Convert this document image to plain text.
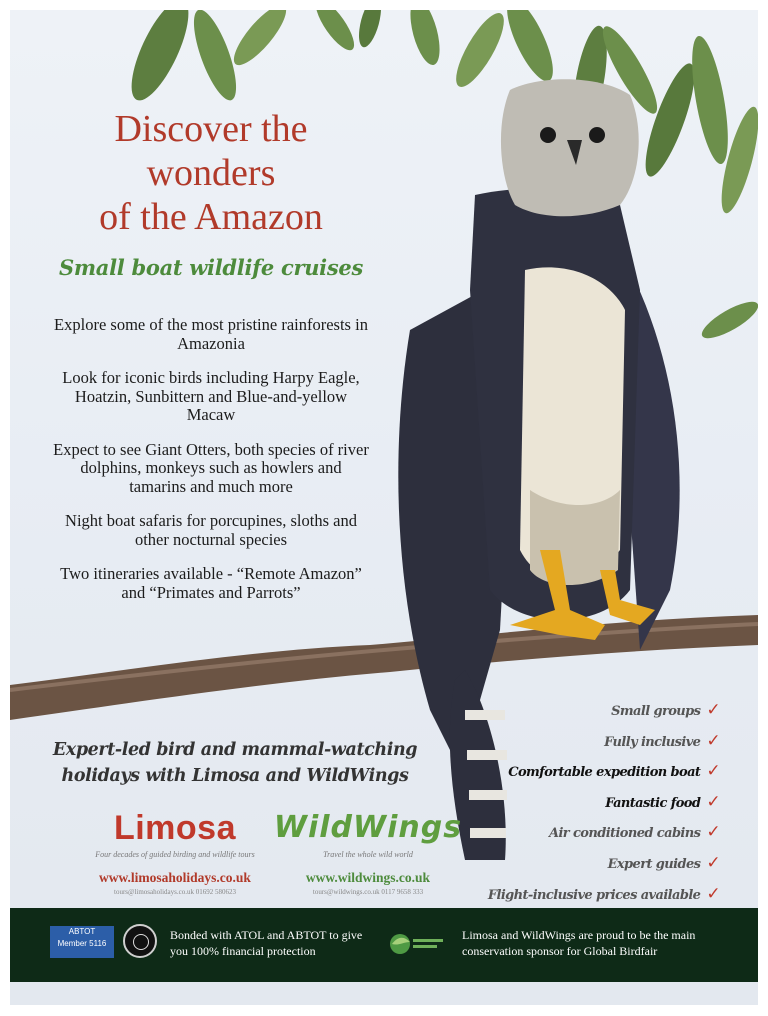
Discover the
wonders
of the Amazon
Small boat wildlife cruises

Explore some of the most pristine rainforests in Amazonia

Look for iconic birds including Harpy Eagle, Hoatzin, Sunbittern and Blue-and-yellow Macaw

Expect to see Giant Otters, both species of river dolphins, monkeys such as howlers and tamarins and much more

Night boat safaris for porcupines, sloths and other nocturnal species

Two itineraries available - “Remote Amazon” and “Primates and Parrots”

Expert-led bird and mammal-watching holidays with Limosa and WildWings
Limosa
Four decades of guided birding and wildlife tours
www.limosaholidays.co.uk
tours@limosaholidays.co.uk 01692 580623
WildWings
Travel the whole wild world
www.wildwings.co.uk
tours@wildwings.co.uk 0117 9658 333
Small groups ✓
Fully inclusive ✓
Comfortable expedition boat ✓
Fantastic food ✓
Air conditioned cabins ✓
Expert guides ✓
Flight-inclusive prices available ✓
ABTOT
Member 5116
Bonded with ATOL and ABTOT to give you 100% financial protection
Limosa and WildWings are proud to be the main conservation sponsor for Global Birdfair
